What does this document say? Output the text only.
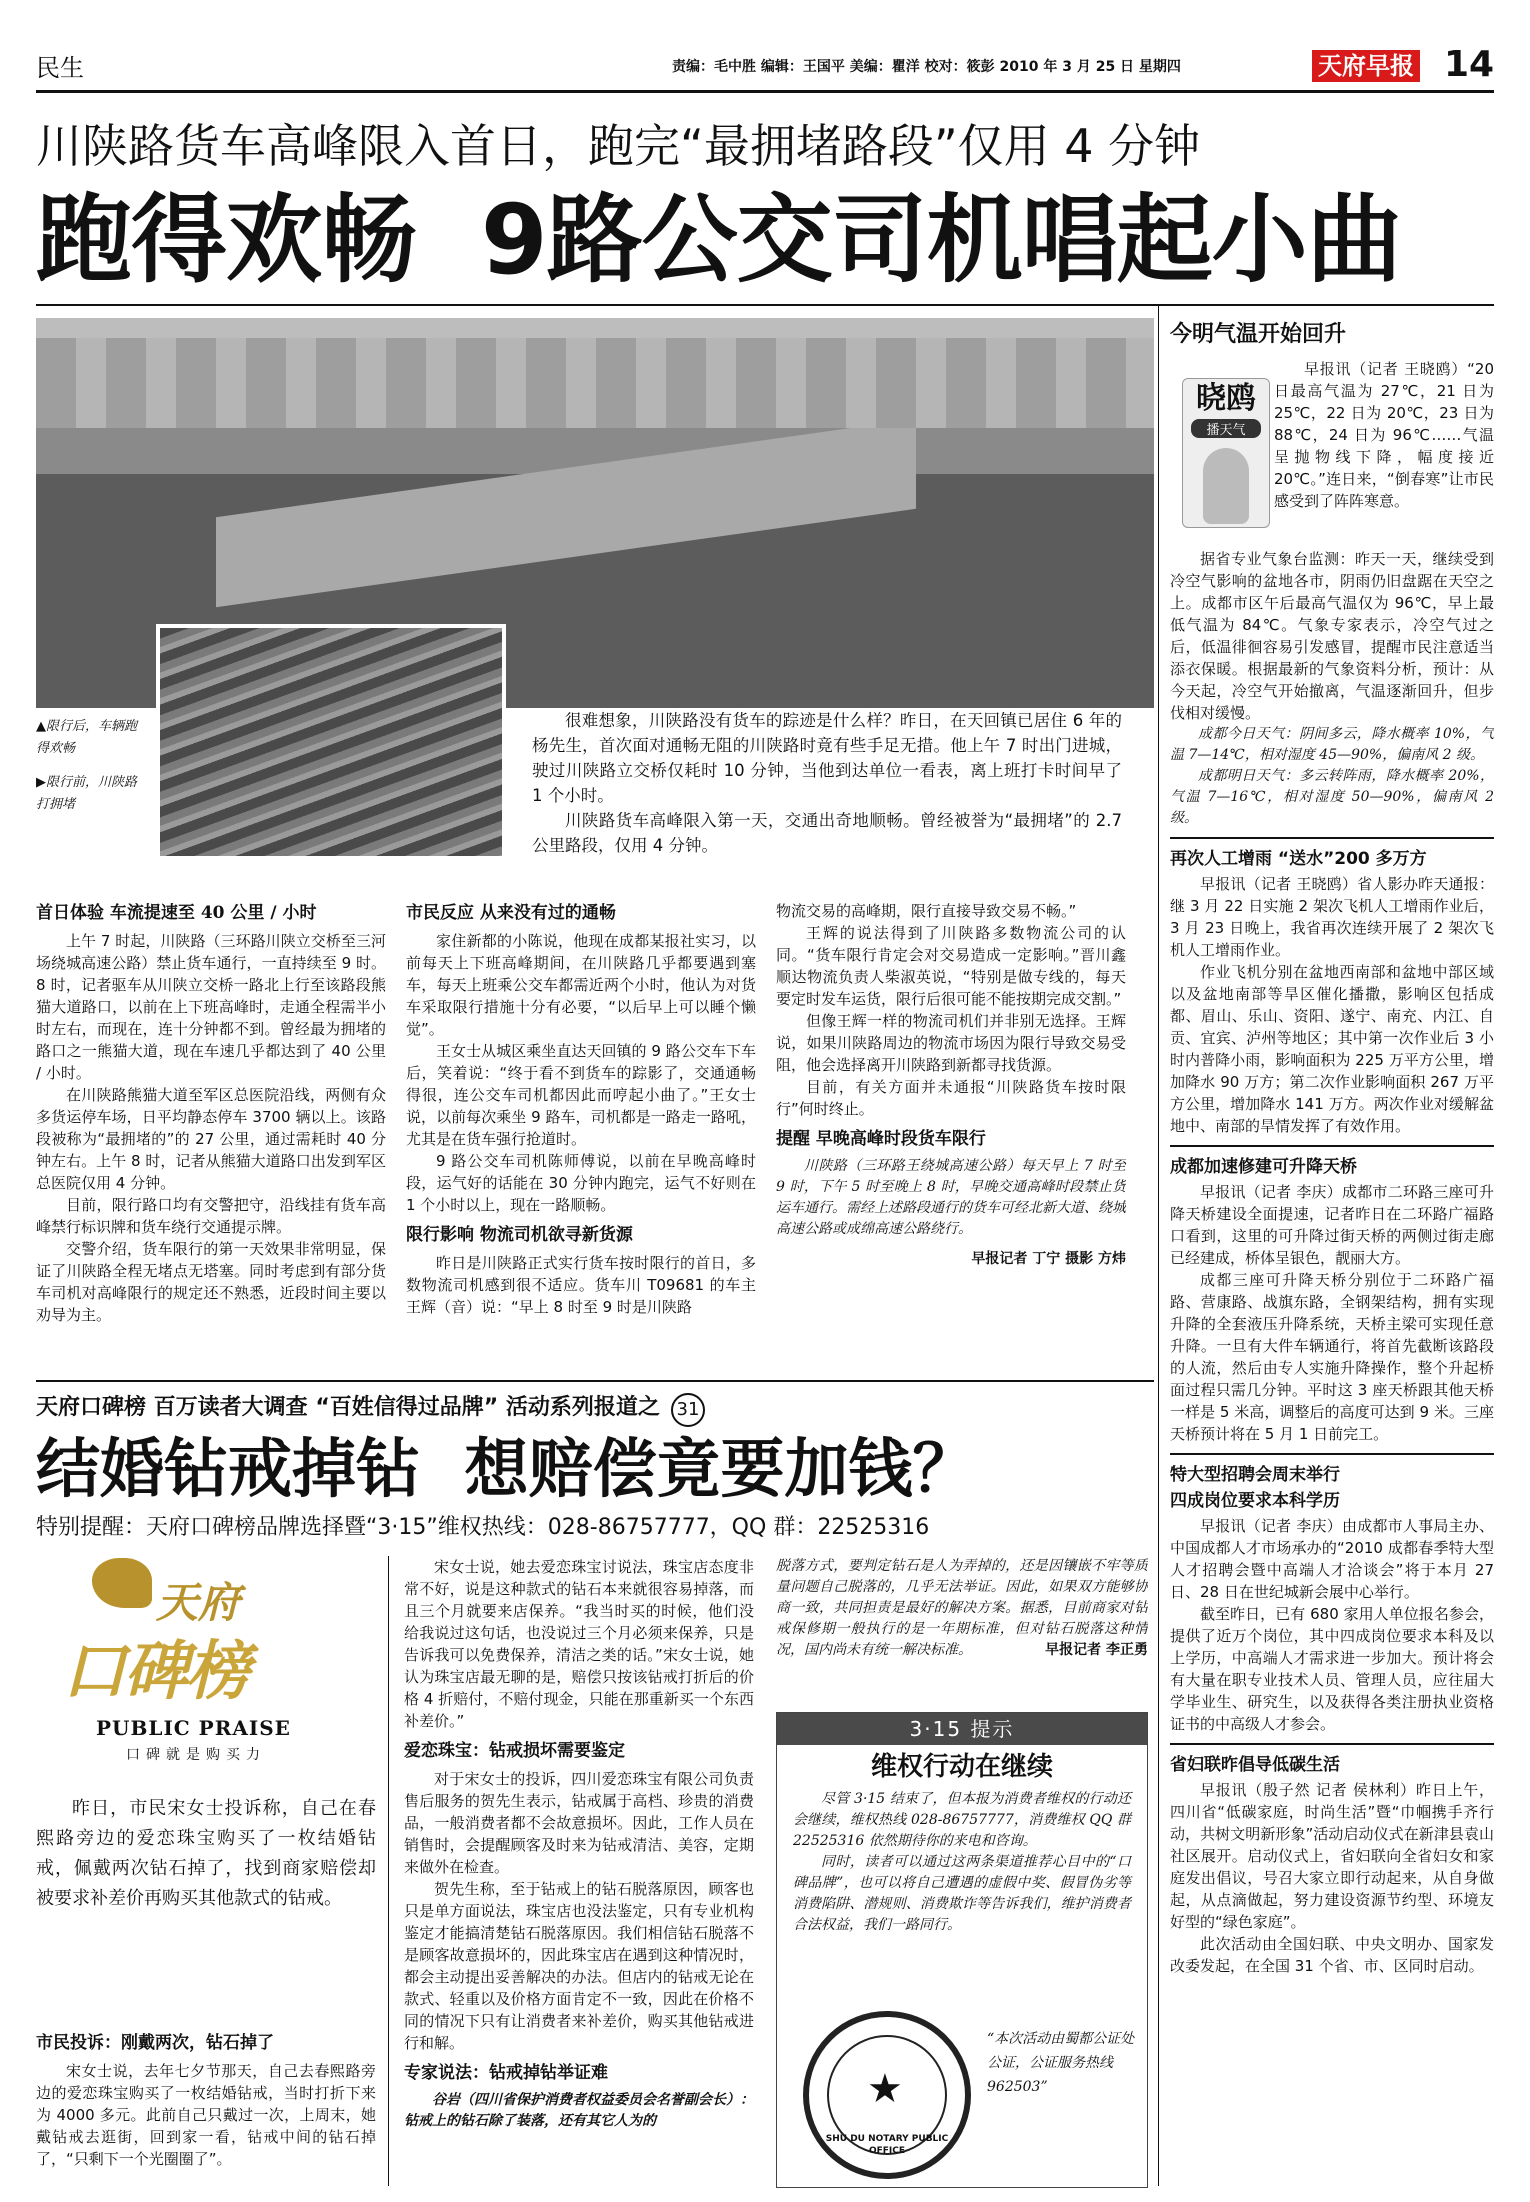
民生	责编：毛中胜 编辑：王国平 美编：瞿洋 校对：筱彭 2010 年 3 月 25 日 星期四	天府早报 14
川陕路货车高峰限入首日，跑完“最拥堵路段”仅用 4 分钟
跑得欢畅  9路公交司机唱起小曲
▲限行后，车辆跑得欢畅
▶限行前，川陕路打拥堵

很难想象，川陕路没有货车的踪迹是什么样？昨日，在天回镇已居住 6 年的杨先生，首次面对通畅无阻的川陕路时竟有些手足无措。他上午 7 时出门进城，驶过川陕路立交桥仅耗时 10 分钟，当他到达单位一看表，离上班打卡时间早了 1 个小时。

川陕路货车高峰限入第一天，交通出奇地顺畅。曾经被誉为“最拥堵”的 2.7 公里路段，仅用 4 分钟。

首日体验 车流提速至 40 公里 / 小时

上午 7 时起，川陕路（三环路川陕立交桥至三河场绕城高速公路）禁止货车通行，一直持续至 9 时。8 时，记者驱车从川陕立交桥一路北上行至该路段熊猫大道路口，以前在上下班高峰时，走通全程需半小时左右，而现在，连十分钟都不到。曾经最为拥堵的路口之一熊猫大道，现在车速几乎都达到了 40 公里 / 小时。

在川陕路熊猫大道至军区总医院沿线，两侧有众多货运停车场，日平均静态停车 3700 辆以上。该路段被称为“最拥堵的”的 27 公里，通过需耗时 40 分钟左右。上午 8 时，记者从熊猫大道路口出发到军区总医院仅用 4 分钟。

目前，限行路口均有交警把守，沿线挂有货车高峰禁行标识牌和货车绕行交通提示牌。

交警介绍，货车限行的第一天效果非常明显，保证了川陕路全程无堵点无塔塞。同时考虑到有部分货车司机对高峰限行的规定还不熟悉，近段时间主要以劝导为主。

市民反应 从来没有过的通畅

家住新都的小陈说，他现在成都某报社实习，以前每天上下班高峰期间，在川陕路几乎都要遇到塞车，每天上班乘公交车都需近两个小时，他认为对货车采取限行措施十分有必要，“以后早上可以睡个懒觉”。

王女士从城区乘坐直达天回镇的 9 路公交车下车后，笑着说：“终于看不到货车的踪影了，交通通畅得很，连公交车司机都因此而哼起小曲了。”王女士说，以前每次乘坐 9 路车，司机都是一路走一路吼，尤其是在货车强行抢道时。

9 路公交车司机陈师傅说，以前在早晚高峰时段，运气好的话能在 30 分钟内跑完，运气不好则在 1 个小时以上，现在一路顺畅。

限行影响 物流司机欲寻新货源

昨日是川陕路正式实行货车按时限行的首日，多数物流司机感到很不适应。货车川 T09681 的车主王辉（音）说：“早上 8 时至 9 时是川陕路

物流交易的高峰期，限行直接导致交易不畅。”

王辉的说法得到了川陕路多数物流公司的认同。“货车限行肯定会对交易造成一定影响。”晋川鑫顺达物流负责人柴淑英说，“特别是做专线的，每天要定时发车运货，限行后很可能不能按期完成交割。”

但像王辉一样的物流司机们并非别无选择。王辉说，如果川陕路周边的物流市场因为限行导致交易受阻，他会选择离开川陕路到新都寻找货源。

目前，有关方面并未通报“川陕路货车按时限行”何时终止。

提醒 早晚高峰时段货车限行

川陕路（三环路王绕城高速公路）每天早上 7 时至 9 时，下午 5 时至晚上 8 时，早晚交通高峰时段禁止货运车通行。需经上述路段通行的货车可经北新大道、绕城高速公路或成绵高速公路绕行。

早报记者 丁宁 摄影 方炜
今明气温开始回升
晓鸥
播天气

早报讯（记者 王晓鸥）“20 日最高气温为 27℃，21 日为 25℃，22 日为 20℃，23 日为 88℃，24 日为 96℃……气温呈抛物线下降，幅度接近 20℃。”连日来，“倒春寒”让市民感受到了阵阵寒意。

据省专业气象台监测：昨天一天，继续受到冷空气影响的盆地各市，阴雨仍旧盘踞在天空之上。成都市区午后最高气温仅为 96℃，早上最低气温为 84℃。气象专家表示，冷空气过之后，低温徘徊容易引发感冒，提醒市民注意适当添衣保暖。根据最新的气象资料分析，预计：从今天起，冷空气开始撤离，气温逐渐回升，但步伐相对缓慢。

成都今日天气：阴间多云，降水概率 10%，气温 7—14℃，相对湿度 45—90%，偏南风 2 级。

成都明日天气：多云转阵雨，降水概率 20%，气温 7—16℃，相对湿度 50—90%，偏南风 2 级。

再次人工增雨 “送水”200 多万方

早报讯（记者 王晓鸥）省人影办昨天通报：继 3 月 22 日实施 2 架次飞机人工增雨作业后，3 月 23 日晚上，我省再次连续开展了 2 架次飞机人工增雨作业。

作业飞机分别在盆地西南部和盆地中部区域以及盆地南部等旱区催化播撒，影响区包括成都、眉山、乐山、资阳、遂宁、南充、内江、自贡、宜宾、泸州等地区；其中第一次作业后 3 小时内普降小雨，影响面积为 225 万平方公里，增加降水 90 万方；第二次作业影响面积 267 万平方公里，增加降水 141 万方。两次作业对缓解盆地中、南部的旱情发挥了有效作用。

成都加速修建可升降天桥

早报讯（记者 李庆）成都市二环路三座可升降天桥建设全面提速，记者昨日在二环路广福路口看到，这里的可升降过街天桥的两侧过街走廊已经建成，桥体呈银色，靓丽大方。

成都三座可升降天桥分别位于二环路广福路、营康路、战旗东路，全钢架结构，拥有实现升降的全套液压升降系统，天桥主梁可实现任意升降。一旦有大件车辆通行，将首先截断该路段的人流，然后由专人实施升降操作，整个升起桥面过程只需几分钟。平时这 3 座天桥跟其他天桥一样是 5 米高，调整后的高度可达到 9 米。三座天桥预计将在 5 月 1 日前完工。

特大型招聘会周末举行
四成岗位要求本科学历

早报讯（记者 李庆）由成都市人事局主办、中国成都人才市场承办的“2010 成都春季特大型人才招聘会暨中高端人才洽谈会”将于本月 27 日、28 日在世纪城新会展中心举行。

截至昨日，已有 680 家用人单位报名参会，提供了近万个岗位，其中四成岗位要求本科及以上学历，中高端人才需求进一步加大。预计将会有大量在职专业技术人员、管理人员，应往届大学毕业生、研究生，以及获得各类注册执业资格证书的中高级人才参会。

省妇联昨倡导低碳生活

早报讯（殷子然 记者 侯林利）昨日上午，四川省“低碳家庭，时尚生活”暨“巾帼携手齐行动，共树文明新形象”活动启动仪式在新津县袁山社区展开。启动仪式上，省妇联向全省妇女和家庭发出倡议，号召大家立即行动起来，从自身做起，从点滴做起，努力建设资源节约型、环境友好型的“绿色家庭”。

此次活动由全国妇联、中央文明办、国家发改委发起，在全国 31 个省、市、区同时启动。

天府口碑榜 百万读者大调查 “百姓信得过品牌” 活动系列报道之 31
结婚钻戒掉钻  想赔偿竟要加钱？
特别提醒：天府口碑榜品牌选择暨“3·15”维权热线：028-86757777，QQ 群：22525316
天府
口碑榜
PUBLIC PRAISE
口碑就是购买力
昨日，市民宋女士投诉称，自己在春熙路旁边的爱恋珠宝购买了一枚结婚钻戒，佩戴两次钻石掉了，找到商家赔偿却被要求补差价再购买其他款式的钻戒。
市民投诉：刚戴两次，钻石掉了

宋女士说，去年七夕节那天，自己去春熙路旁边的爱恋珠宝购买了一枚结婚钻戒，当时打折下来为 4000 多元。此前自己只戴过一次，上周末，她戴钻戒去逛街，回到家一看，钻戒中间的钻石掉了，“只剩下一个光圈圈了”。

宋女士说，她去爱恋珠宝讨说法，珠宝店态度非常不好，说是这种款式的钻石本来就很容易掉落，而且三个月就要来店保养。“我当时买的时候，他们没给我说过这句话，也没说过三个月必须来保养，只是告诉我可以免费保养，清洁之类的话。”宋女士说，她认为珠宝店最无聊的是，赔偿只按该钻戒打折后的价格 4 折赔付，不赔付现金，只能在那重新买一个东西补差价。”

爱恋珠宝：钻戒损坏需要鉴定

对于宋女士的投诉，四川爱恋珠宝有限公司负责售后服务的贺先生表示，钻戒属于高档、珍贵的消费品，一般消费者都不会故意损坏。因此，工作人员在销售时，会提醒顾客及时来为钻戒清洁、美容，定期来做外在检查。

贺先生称，至于钻戒上的钻石脱落原因，顾客也只是单方面说法，珠宝店也没法鉴定，只有专业机构鉴定才能搞清楚钻石脱落原因。我们相信钻石脱落不是顾客故意损坏的，因此珠宝店在遇到这种情况时，都会主动提出妥善解决的办法。但店内的钻戒无论在款式、轻重以及价格方面肯定不一致，因此在价格不同的情况下只有让消费者来补差价，购买其他钻戒进行和解。

专家说法：钻戒掉钻举证难

谷岩（四川省保护消费者权益委员会名誉副会长）：钻戒上的钻石除了装落，还有其它人为的

脱落方式，要判定钻石是人为弄掉的，还是因镶嵌不牢等质量问题自己脱落的，几乎无法举证。因此，如果双方能够协商一致，共同担责是最好的解决方案。据悉，目前商家对钻戒保修期一般执行的是一年期标准，但对钻石脱落这种情况，国内尚未有统一解决标准。	早报记者 李正勇
3·15 提示
维权行动在继续

尽管 3·15 结束了，但本报为消费者维权的行动还会继续，维权热线 028-86757777，消费维权 QQ 群 22525316 依然期待你的来电和咨询。

同时，读者可以通过这两条渠道推荐心目中的“口碑品牌”，也可以将自己遭遇的虚假中奖、假冒伪劣等消费陷阱、潜规则、消费欺诈等告诉我们，维护消费者合法权益，我们一路同行。

★
SHU DU NOTARY PUBLIC OFFICE
“本次活动由蜀都公证处公证，公证服务热线 962503”
